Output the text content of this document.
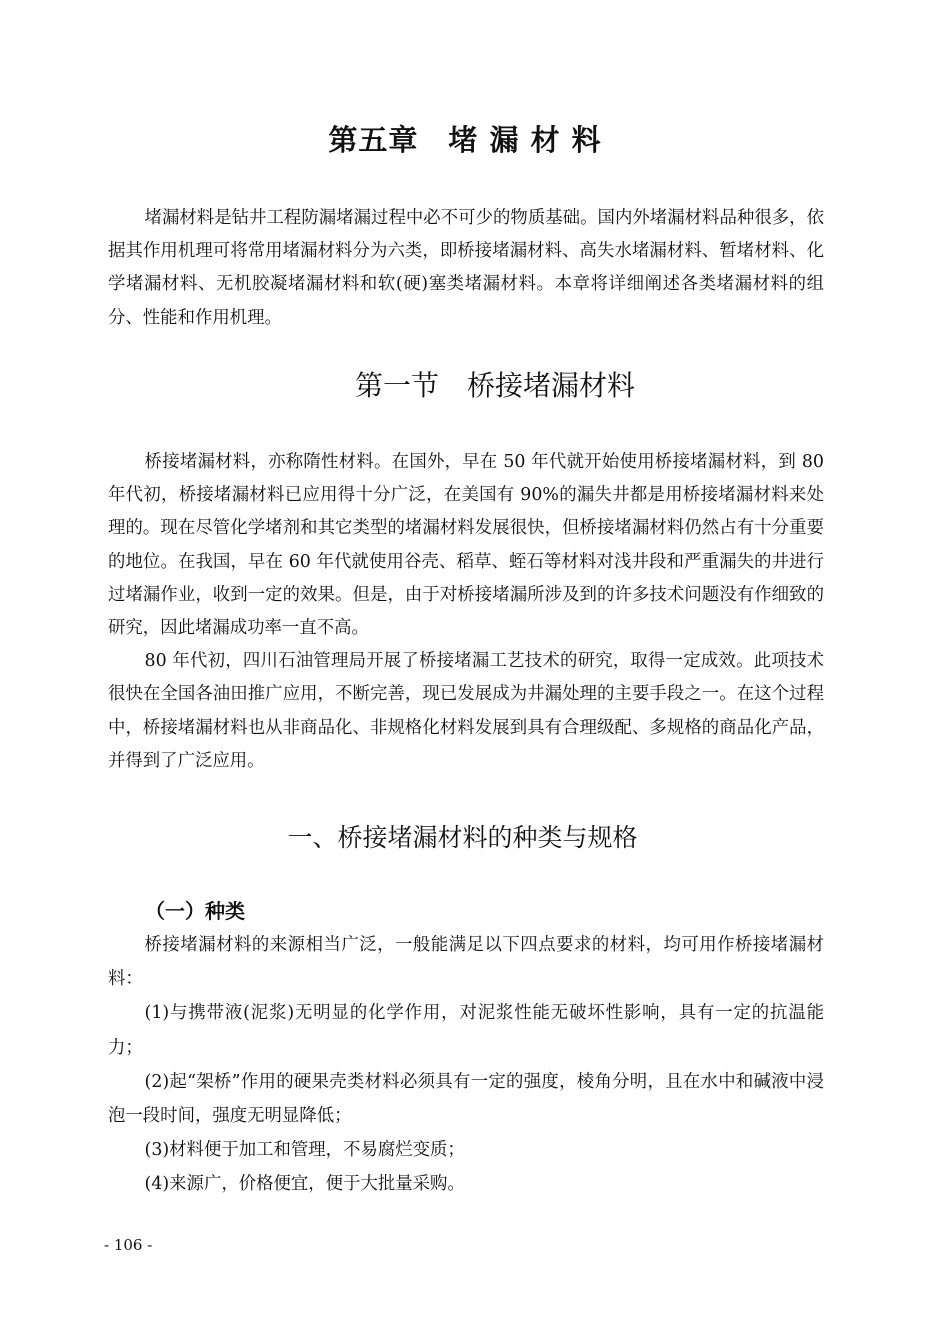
第五章　堵 漏 材 料

堵漏材料是钻井工程防漏堵漏过程中必不可少的物质基础。国内外堵漏材料品种很多，依据其作用机理可将常用堵漏材料分为六类，即桥接堵漏材料、高失水堵漏材料、暂堵材料、化学堵漏材料、无机胶凝堵漏材料和软(硬)塞类堵漏材料。本章将详细阐述各类堵漏材料的组分、性能和作用机理。

第一节　桥接堵漏材料

桥接堵漏材料，亦称隋性材料。在国外，早在 50 年代就开始使用桥接堵漏材料，到 80 年代初，桥接堵漏材料已应用得十分广泛，在美国有 90%的漏失井都是用桥接堵漏材料来处理的。现在尽管化学堵剂和其它类型的堵漏材料发展很快，但桥接堵漏材料仍然占有十分重要的地位。在我国，早在 60 年代就使用谷壳、稻草、蛭石等材料对浅井段和严重漏失的井进行过堵漏作业，收到一定的效果。但是，由于对桥接堵漏所涉及到的许多技术问题没有作细致的研究，因此堵漏成功率一直不高。

80 年代初，四川石油管理局开展了桥接堵漏工艺技术的研究，取得一定成效。此项技术很快在全国各油田推广应用，不断完善，现已发展成为井漏处理的主要手段之一。在这个过程中，桥接堵漏材料也从非商品化、非规格化材料发展到具有合理级配、多规格的商品化产品，并得到了广泛应用。

一、桥接堵漏材料的种类与规格
（一）种类

桥接堵漏材料的来源相当广泛，一般能满足以下四点要求的材料，均可用作桥接堵漏材料：

(1)与携带液(泥浆)无明显的化学作用，对泥浆性能无破坏性影响，具有一定的抗温能力；

(2)起“架桥”作用的硬果壳类材料必须具有一定的强度，棱角分明，且在水中和碱液中浸泡一段时间，强度无明显降低；

(3)材料便于加工和管理，不易腐烂变质；

(4)来源广，价格便宜，便于大批量采购。

- 106 -
